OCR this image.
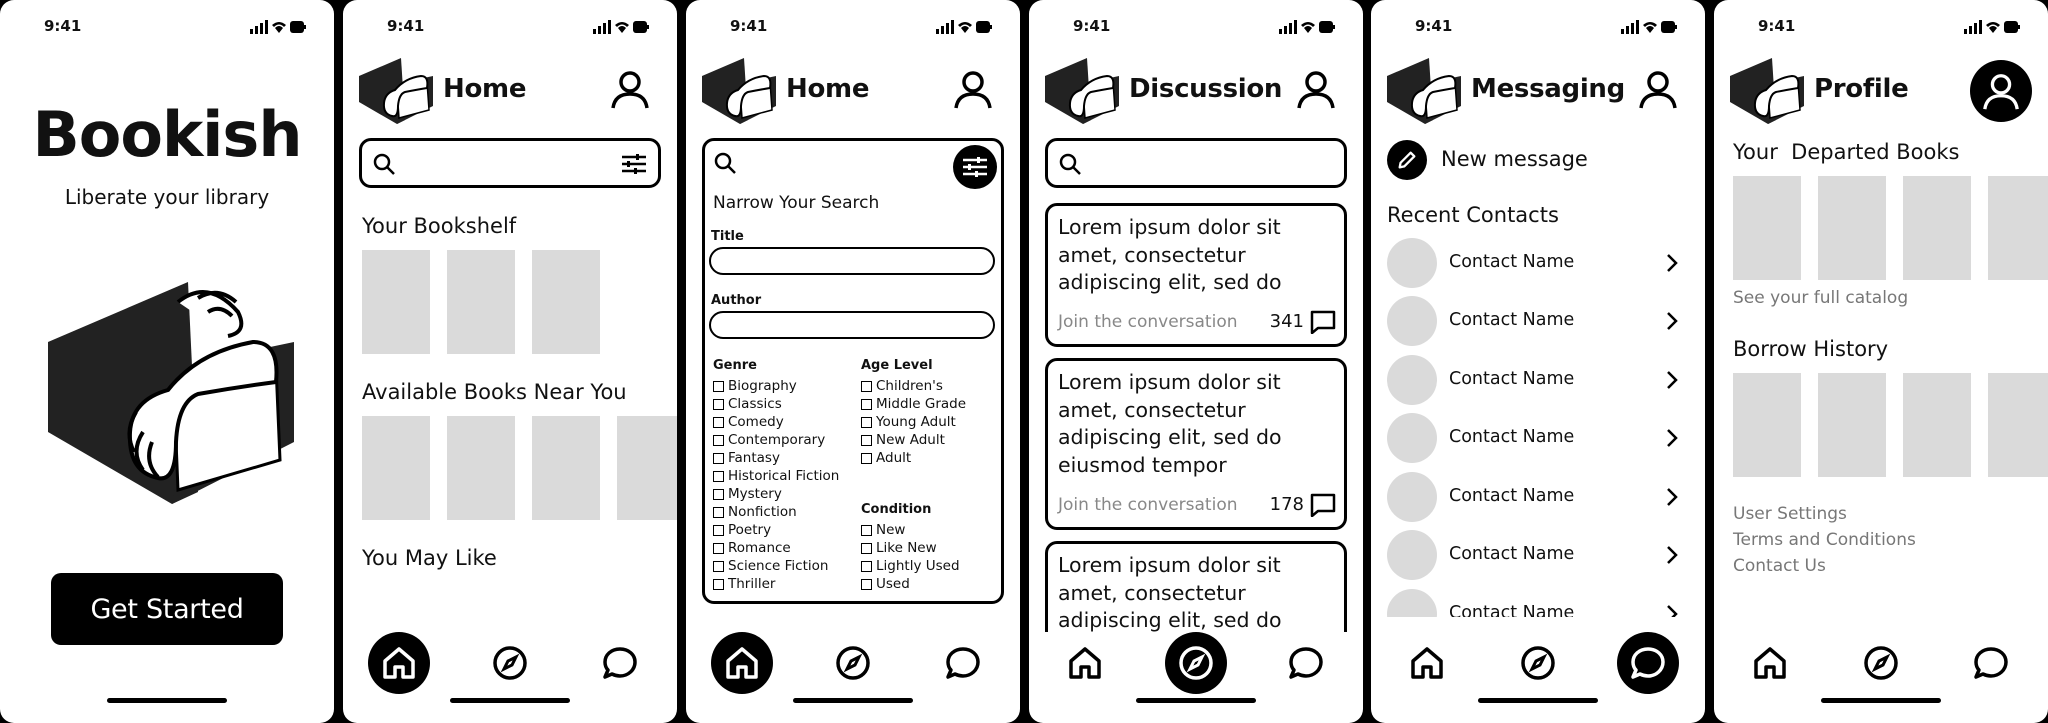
9:41
Bookish
Liberate your library
Get Started
9:41
Home
Your Bookshelf
Available Books Near You
You May Like
9:41
Home
Narrow Your Search
Title
Author
Genre
Biography
Classics
Comedy
Contemporary
Fantasy
Historical Fiction
Mystery
Nonfiction
Poetry
Romance
Science Fiction
Thriller
Age Level
Children's
Middle Grade
Young Adult
New Adult
Adult
Condition
New
Like New
Lightly Used
Used
9:41
Discussion
Lorem ipsum dolor sit amet, consectetur adipiscing elit, sed do
Join the conversation 341
Lorem ipsum dolor sit amet, consectetur adipiscing elit, sed do eiusmod tempor
Join the conversation 178
Lorem ipsum dolor sit amet, consectetur adipiscing elit, sed do
9:41
Messaging
New message
Recent Contacts
Contact Name
Contact Name
Contact Name
Contact Name
Contact Name
Contact Name
Contact Name
9:41
Profile
Your  Departed Books
See your full catalog
Borrow History
User Settings
Terms and Conditions
Contact Us
